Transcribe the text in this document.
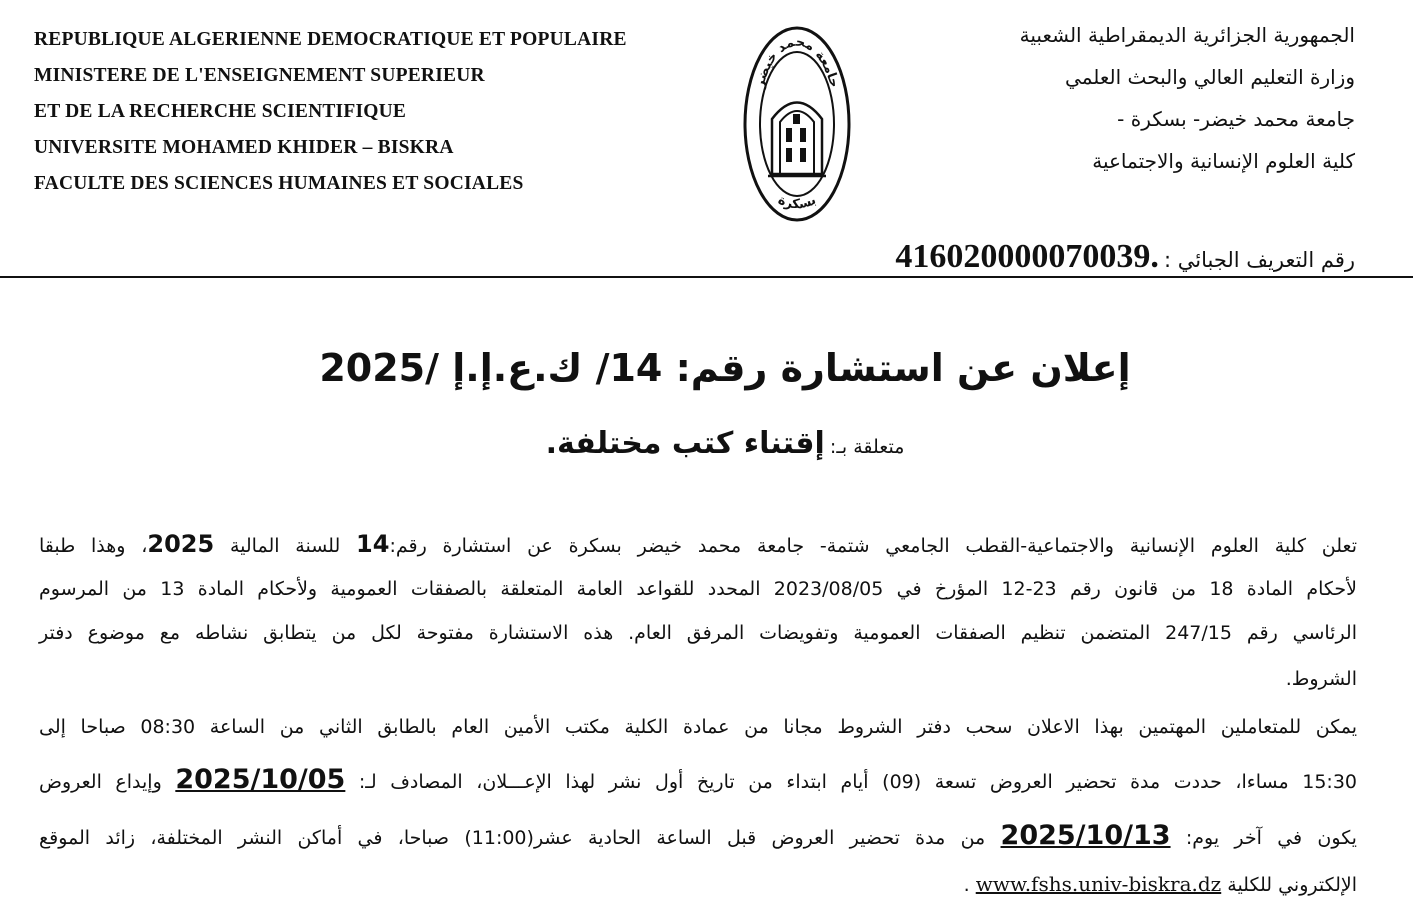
REPUBLIQUE ALGERIENNE DEMOCRATIQUE ET POPULAIRE
MINISTERE DE L'ENSEIGNEMENT SUPERIEUR
ET DE LA RECHERCHE SCIENTIFIQUE
UNIVERSITE MOHAMED KHIDER – BISKRA
FACULTE DES SCIENCES HUMAINES ET SOCIALES
جامعة محمد خيضر
بسكرة
الجمهورية الجزائرية الديمقراطية الشعبية
وزارة التعليم العالي والبحث العلمي
جامعة محمد خيضر- بسكرة -
كلية العلوم الإنسانية والاجتماعية
رقم التعريف الجبائي : 416020000070039.
إعلان عن استشارة رقم: 14/ ك.ع.إ.إ /2025
متعلقة بـ: إقتناء كتب مختلفة.
تعلن كلية العلوم الإنسانية والاجتماعية-القطب الجامعي شتمة- جامعة محمد خيضر بسكرة عن استشارة رقم:14 للسنة المالية 2025، وهذا طبقا
لأحكام المادة 18 من قانون رقم 23-12 المؤرخ في 2023/08/05 المحدد للقواعد العامة المتعلقة بالصفقات العمومية ولأحكام المادة 13 من المرسوم
الرئاسي رقم 247/15 المتضمن تنظيم الصفقات العمومية وتفويضات المرفق العام. هذه الاستشارة مفتوحة لكل من يتطابق نشاطه مع موضوع دفتر
الشروط.
يمكن للمتعاملين المهتمين بهذا الاعلان سحب دفتر الشروط مجانا من عمادة الكلية مكتب الأمين العام بالطابق الثاني من الساعة 08:30 صباحا إلى
15:30 مساءا، حددت مدة تحضير العروض تسعة (09) أيام ابتداء من تاريخ أول نشر لهذا الإعـــلان، المصادف لـ: 2025/10/05 وإيداع العروض
يكون في آخر يوم: 2025/10/13 من مدة تحضير العروض قبل الساعة الحادية عشر(11:00) صباحا، في أماكن النشر المختلفة، زائد الموقع
الإلكتروني للكلية www.fshs.univ-biskra.dz .
